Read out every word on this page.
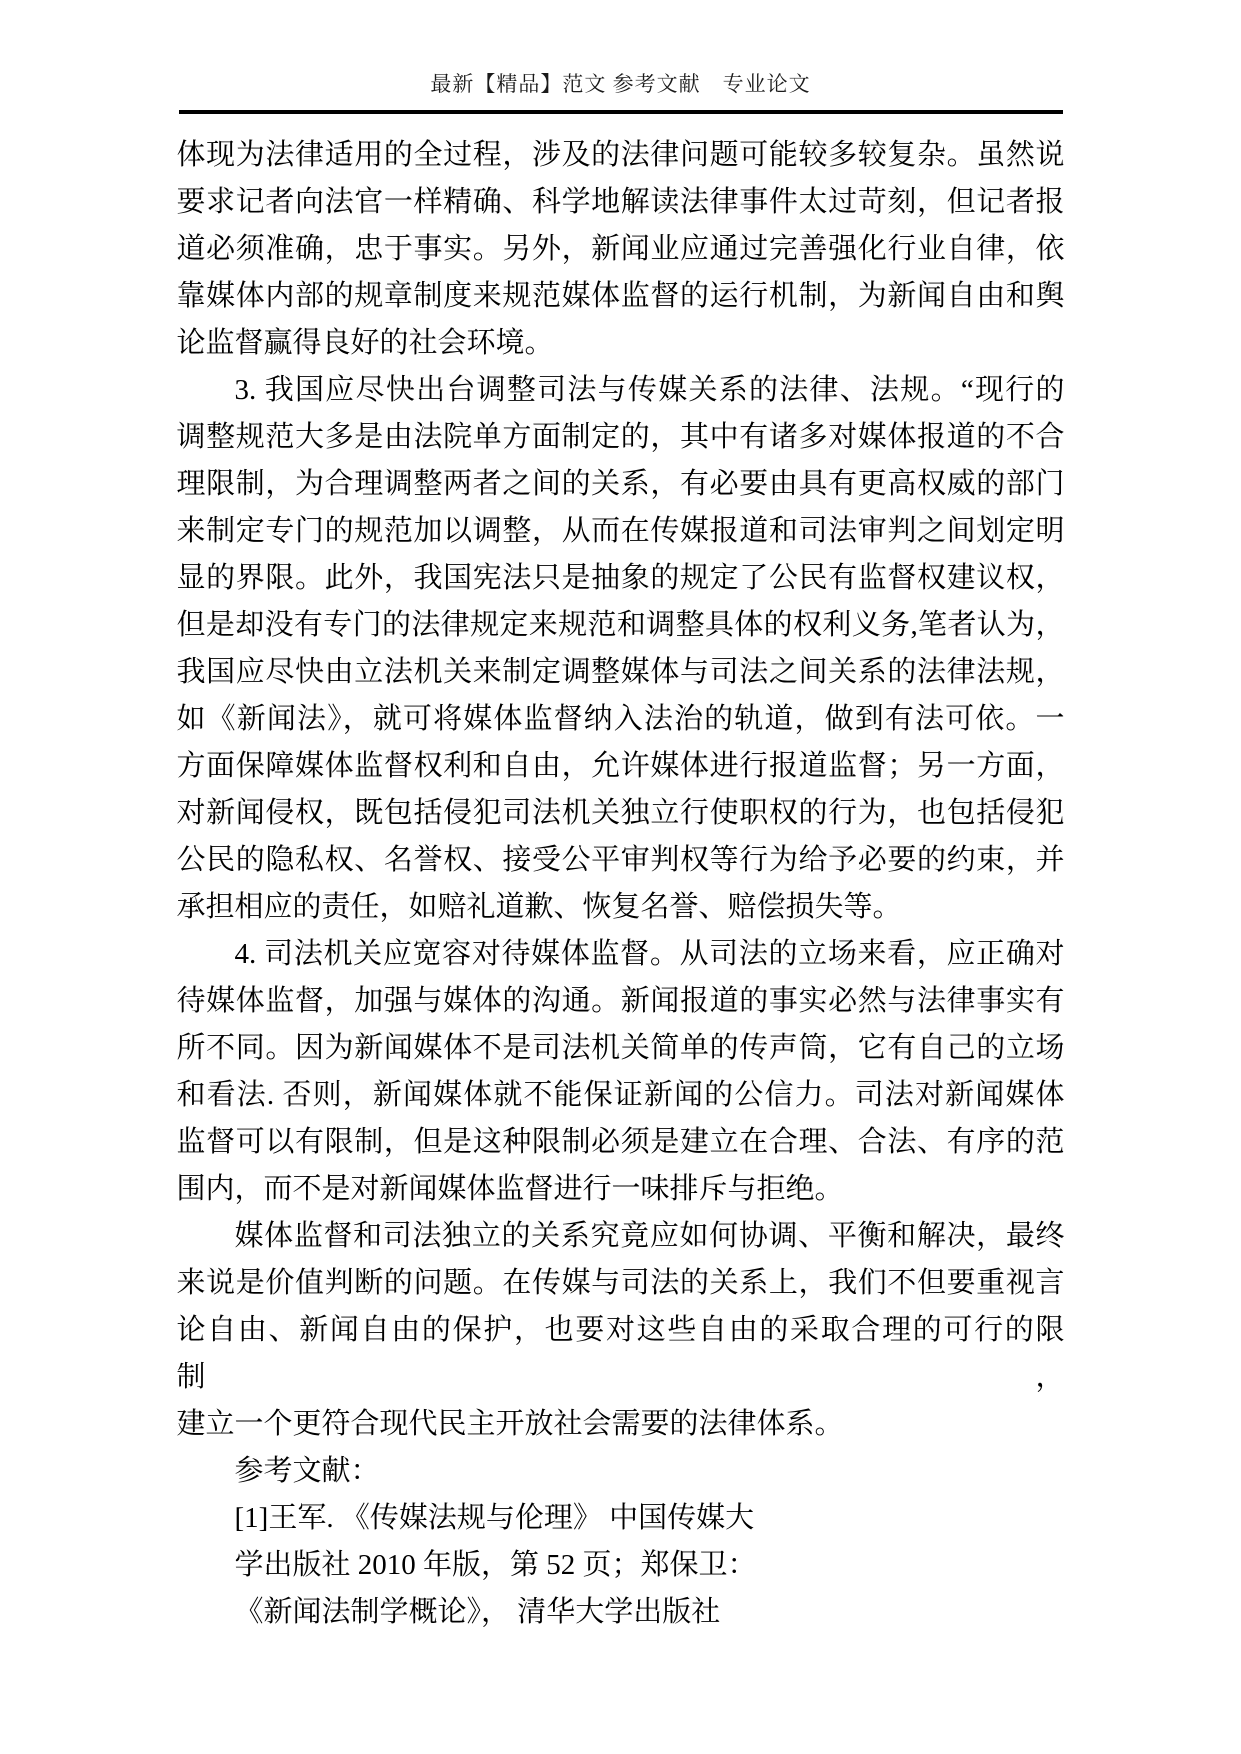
最新【精品】范文 参考文献　专业论文
体现为法律适用的全过程，涉及的法律问题可能较多较复杂。虽然说
要求记者向法官一样精确、科学地解读法律事件太过苛刻，但记者报
道必须准确，忠于事实。另外，新闻业应通过完善强化行业自律，依
靠媒体内部的规章制度来规范媒体监督的运行机制，为新闻自由和舆
论监督赢得良好的社会环境。
3. 我国应尽快出台调整司法与传媒关系的法律、法规。“现行的
调整规范大多是由法院单方面制定的，其中有诸多对媒体报道的不合
理限制，为合理调整两者之间的关系，有必要由具有更高权威的部门
来制定专门的规范加以调整，从而在传媒报道和司法审判之间划定明
显的界限。此外，我国宪法只是抽象的规定了公民有监督权建议权，
但是却没有专门的法律规定来规范和调整具体的权利义务,笔者认为，
我国应尽快由立法机关来制定调整媒体与司法之间关系的法律法规，
如《新闻法》，就可将媒体监督纳入法治的轨道，做到有法可依。一
方面保障媒体监督权利和自由，允许媒体进行报道监督；另一方面，
对新闻侵权，既包括侵犯司法机关独立行使职权的行为，也包括侵犯
公民的隐私权、名誉权、接受公平审判权等行为给予必要的约束，并
承担相应的责任，如赔礼道歉、恢复名誉、赔偿损失等。
4. 司法机关应宽容对待媒体监督。从司法的立场来看，应正确对
待媒体监督，加强与媒体的沟通。新闻报道的事实必然与法律事实有
所不同。因为新闻媒体不是司法机关简单的传声筒，它有自己的立场
和看法. 否则，新闻媒体就不能保证新闻的公信力。司法对新闻媒体
监督可以有限制，但是这种限制必须是建立在合理、合法、有序的范
围内，而不是对新闻媒体监督进行一味排斥与拒绝。
媒体监督和司法独立的关系究竟应如何协调、平衡和解决，最终
来说是价值判断的问题。在传媒与司法的关系上，我们不但要重视言
论自由、新闻自由的保护，也要对这些自由的采取合理的可行的限制，
建立一个更符合现代民主开放社会需要的法律体系。
参考文献：
[1]王军. 《传媒法规与伦理》 中国传媒大
学出版社 2010 年版，第 52 页；郑保卫：
《新闻法制学概论》， 清华大学出版社
